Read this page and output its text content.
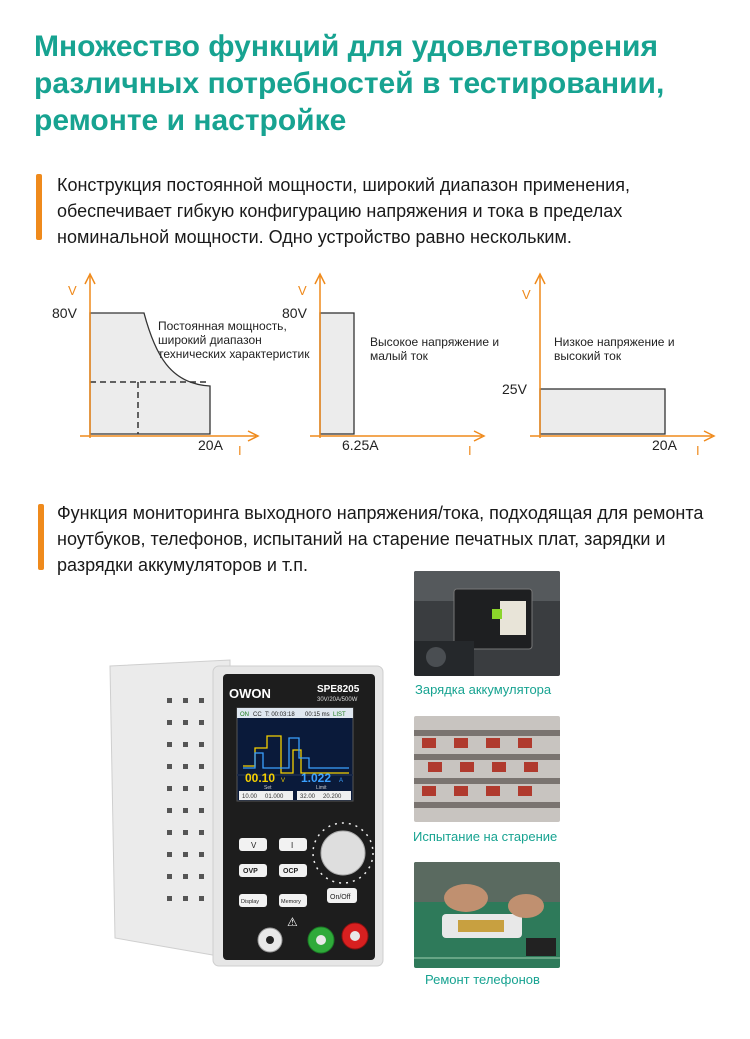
Множество функций для удовлетворения различных потребностей в тестировании, ремонте и настройке

Конструкция постоянной мощности, широкий диапазон применения, обеспечивает гибкую конфигурацию напряжения и тока в пределах номинальной мощности. Одно устройство равно нескольким.

V
I
80V
20A
Постоянная мощность,
широкий диапазон
технических характеристик
V
I
80V
6.25A
Высокое напряжение и
малый ток
V
I
25V
20A
Низкое напряжение и
высокий ток

Функция мониторинга выходного напряжения/тока, подходящая для ремонта ноутбуков, телефонов, испытаний на старение печатных плат, зарядки и разрядки аккумуляторов и т.п.

OWON	SPE8205
30V/20A/500W
ON CC T: 00:03:18 00:15 ms LIST
00.10 V 1.022 A
Set	Limit
10.00 01.000	32.00 20.200
V	I
OVP	OCP
Display	Memory
On/Off
⚠
Зарядка аккумулятора
Испытание на старение
Ремонт телефонов
